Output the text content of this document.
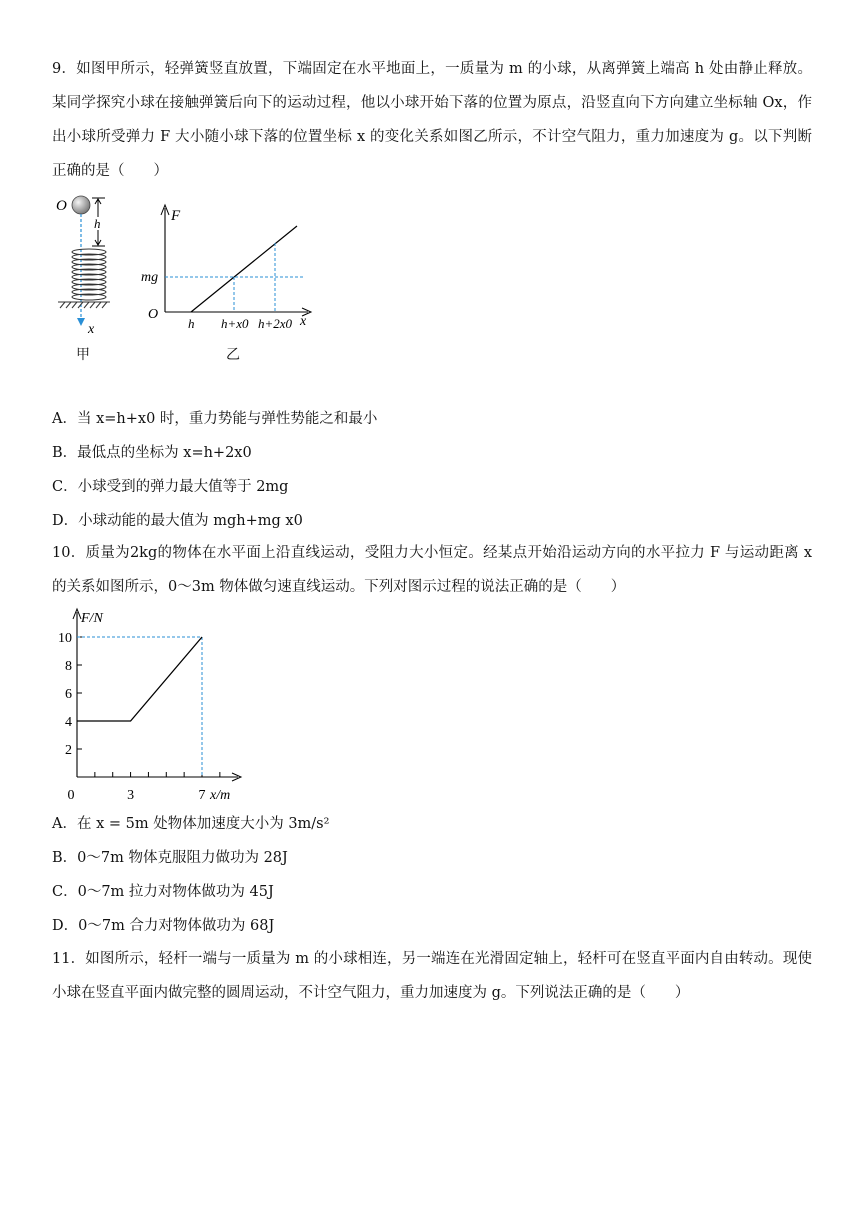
9．如图甲所示，轻弹簧竖直放置，下端固定在水平地面上，一质量为 m 的小球，从离弹簧上端高 h 处由静止释放。某同学探究小球在接触弹簧后向下的运动过程，他以小球开始下落的位置为原点，沿竖直向下方向建立坐标轴 Ox，作出小球所受弹力 F 大小随小球下落的位置坐标 x 的变化关系如图乙所示，不计空气阻力，重力加速度为 g。以下判断正确的是（　　）

O
h
x
甲
F
mg
O
h h+x0 h+2x0 x
乙
A．当 x=h+x0 时，重力势能与弹性势能之和最小
B．最低点的坐标为 x=h+2x0
C．小球受到的弹力最大值等于 2mg
D．小球动能的最大值为 mgh+mg x0

10．质量为2kg的物体在水平面上沿直线运动，受阻力大小恒定。经某点开始沿运动方向的水平拉力 F 与运动距离 x 的关系如图所示，0～3m 物体做匀速直线运动。下列对图示过程的说法正确的是（　　）

2
4
6
8
10
0	3	7
F/N
x/m
A．在 x = 5m 处物体加速度大小为 3m/s²
B．0～7m 物体克服阻力做功为 28J
C．0～7m 拉力对物体做功为 45J
D．0～7m 合力对物体做功为 68J

11．如图所示，轻杆一端与一质量为 m 的小球相连，另一端连在光滑固定轴上，轻杆可在竖直平面内自由转动。现使小球在竖直平面内做完整的圆周运动，不计空气阻力，重力加速度为 g。下列说法正确的是（　　）
